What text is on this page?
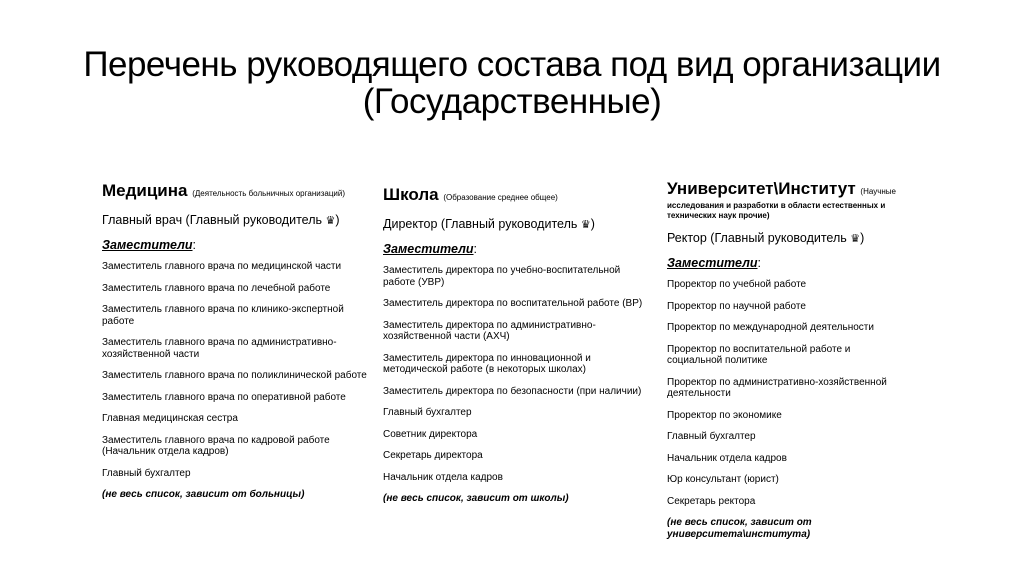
Перечень руководящего состава под вид организации
(Государственные)
Медицина (Деятельность больничных организаций)
Главный врач (Главный руководитель ♛)
Заместители:
Заместитель главного врача по медицинской части
Заместитель главного врача по лечебной работе
Заместитель главного врача по клинико-экспертной работе
Заместитель главного врача по административно-хозяйственной части
Заместитель главного врача по поликлинической работе
Заместитель главного врача по оперативной работе
Главная медицинская сестра
Заместитель главного врача по кадровой работе (Начальник отдела кадров)
Главный бухгалтер
(не весь список, зависит от больницы)
Школа (Образование среднее общее)
Директор (Главный руководитель ♛)
Заместители:
Заместитель директора по учебно-воспитательной работе (УВР)
Заместитель директора по воспитательной работе (ВР)
Заместитель директора по административно-хозяйственной части (АХЧ)
Заместитель директора по инновационной и методической работе (в некоторых школах)
Заместитель директора по безопасности (при наличии)
Главный бухгалтер
Советник директора
Секретарь директора
Начальник отдела кадров
(не весь список, зависит от школы)
Университет\Институт (Научные
исследования и разработки в области естественных и технических наук прочие)
Ректор (Главный руководитель ♛)
Заместители:
Проректор по учебной работе
Проректор по научной работе
Проректор по международной деятельности
Проректор по воспитательной работе и социальной политике
Проректор по административно-хозяйственной деятельности
Проректор по экономике
Главный бухгалтер
Начальник отдела кадров
Юр консультант (юрист)
Секретарь ректора
(не весь список, зависит от университета\института)
